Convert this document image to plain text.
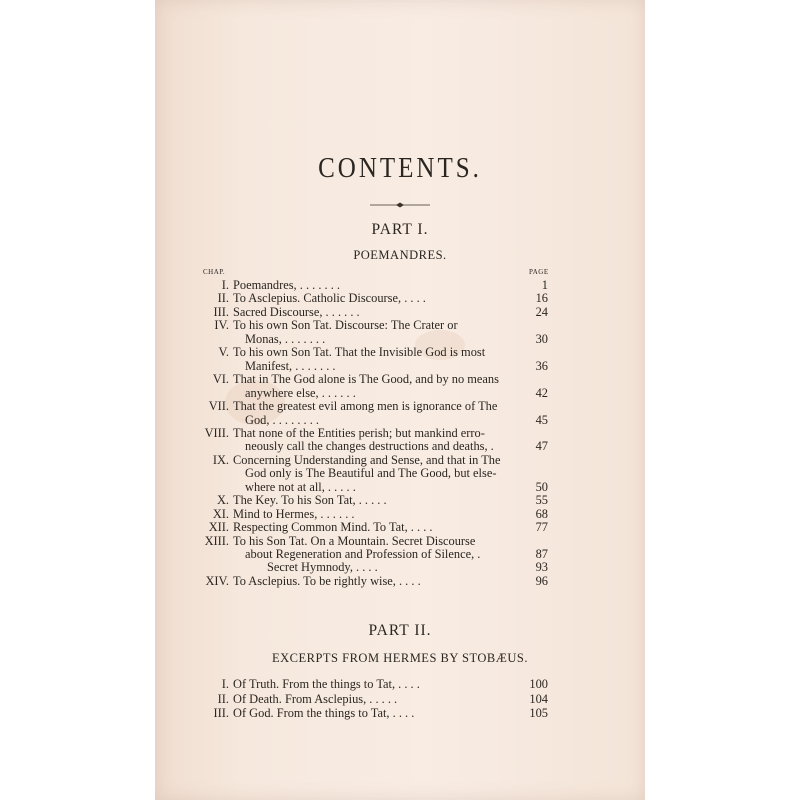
CONTENTS.
PART I.
POEMANDRES.
CHAP.	PAGE
I. Poemandres, . . . . . . .	1
II. To Asclepius. Catholic Discourse, . . . .	16
III. Sacred Discourse, . . . . . .	24
IV. To his own Son Tat. Discourse: The Crater or
Monas, . . . . . . .	30
V. To his own Son Tat. That the Invisible God is most
Manifest, . . . . . . .	36
VI. That in The God alone is The Good, and by no means
anywhere else, . . . . . .	42
VII. That the greatest evil among men is ignorance of The
God, . . . . . . . .	45
VIII. That none of the Entities perish; but mankind erro-
neously call the changes destructions and deaths, .	47
IX. Concerning Understanding and Sense, and that in The
God only is The Beautiful and The Good, but else-
where not at all, . . . . .	50
X. The Key. To his Son Tat, . . . . .	55
XI. Mind to Hermes, . . . . . .	68
XII. Respecting Common Mind. To Tat, . . . .	77
XIII. To his Son Tat. On a Mountain. Secret Discourse
about Regeneration and Profession of Silence, .	87
Secret Hymnody, . . . .	93
XIV. To Asclepius. To be rightly wise, . . . .	96
PART II.
EXCERPTS FROM HERMES BY STOBÆUS.
I. Of Truth. From the things to Tat, . . . .	100
II. Of Death. From Asclepius, . . . . .	104
III. Of God. From the things to Tat, . . . .	105
